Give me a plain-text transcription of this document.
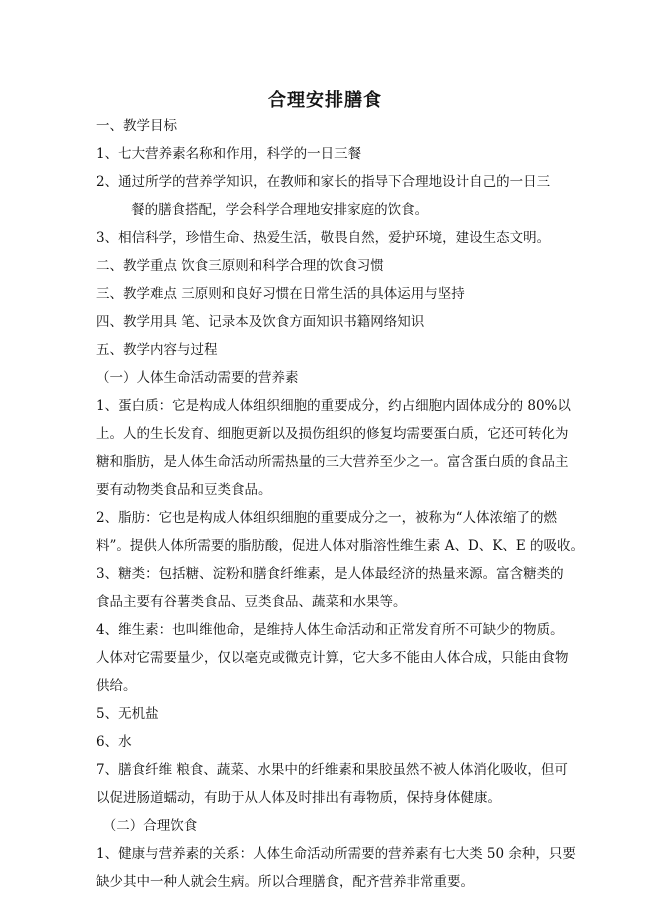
合理安排膳食
一、教学目标
1、七大营养素名称和作用，科学的一日三餐
2、通过所学的营养学知识，在教师和家长的指导下合理地设计自己的一日三
餐的膳食搭配，学会科学合理地安排家庭的饮食。
3、相信科学，珍惜生命、热爱生活，敬畏自然，爱护环境，建设生态文明。
二、教学重点 饮食三原则和科学合理的饮食习惯
三、教学难点 三原则和良好习惯在日常生活的具体运用与坚持
四、教学用具 笔、记录本及饮食方面知识书籍网络知识
五、教学内容与过程
（一）人体生命活动需要的营养素
1、蛋白质：它是构成人体组织细胞的重要成分，约占细胞内固体成分的 80%以
上。人的生长发育、细胞更新以及损伤组织的修复均需要蛋白质，它还可转化为
糖和脂肪，是人体生命活动所需热量的三大营养至少之一。富含蛋白质的食品主
要有动物类食品和豆类食品。
2、脂肪：它也是构成人体组织细胞的重要成分之一，被称为“人体浓缩了的燃
料”。提供人体所需要的脂肪酸，促进人体对脂溶性维生素 A、D、K、E 的吸收。
3、糖类：包括糖、淀粉和膳食纤维素，是人体最经济的热量来源。富含糖类的
食品主要有谷薯类食品、豆类食品、蔬菜和水果等。
4、维生素：也叫维他命，是维持人体生命活动和正常发育所不可缺少的物质。
人体对它需要量少，仅以毫克或微克计算，它大多不能由人体合成，只能由食物
供给。
5、无机盐
6、水
7、膳食纤维 粮食、蔬菜、水果中的纤维素和果胶虽然不被人体消化吸收，但可
以促进肠道蠕动，有助于从人体及时排出有毒物质，保持身体健康。
（二）合理饮食
1、健康与营养素的关系：人体生命活动所需要的营养素有七大类 50 余种，只要
缺少其中一种人就会生病。所以合理膳食，配齐营养非常重要。
